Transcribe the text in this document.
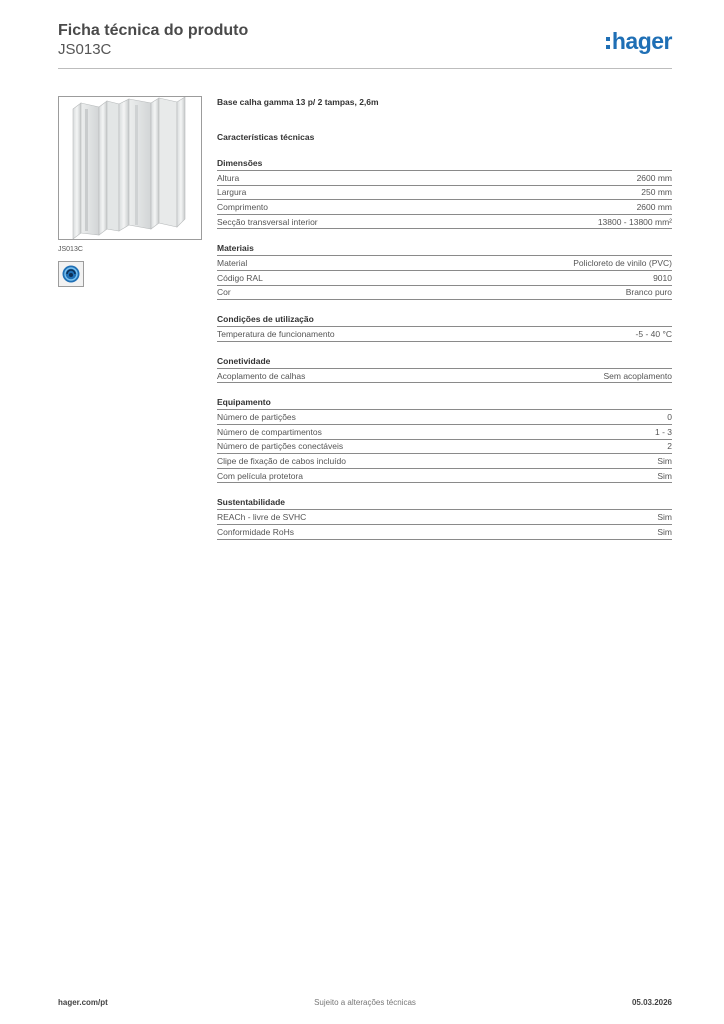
Ficha técnica do produto
JS013C	hager
JS013C
Base calha gamma 13 p/ 2 tampas, 2,6m
Características técnicas
Dimensões
Altura	2600 mm
Largura	250 mm
Comprimento	2600 mm
Secção transversal interior	13800 - 13800 mm²
Materiais
Material	Policloreto de vinilo (PVC)
Código RAL	9010
Cor	Branco puro
Condições de utilização
Temperatura de funcionamento	-5 - 40 °C
Conetividade
Acoplamento de calhas	Sem acoplamento
Equipamento
Número de partições	0
Número de compartimentos	1 - 3
Número de partições conectáveis	2
Clipe de fixação de cabos incluído	Sim
Com película protetora	Sim
Sustentabilidade
REACh - livre de SVHC	Sim
Conformidade RoHs	Sim
hager.com/pt	Sujeito a alterações técnicas	05.03.2026
